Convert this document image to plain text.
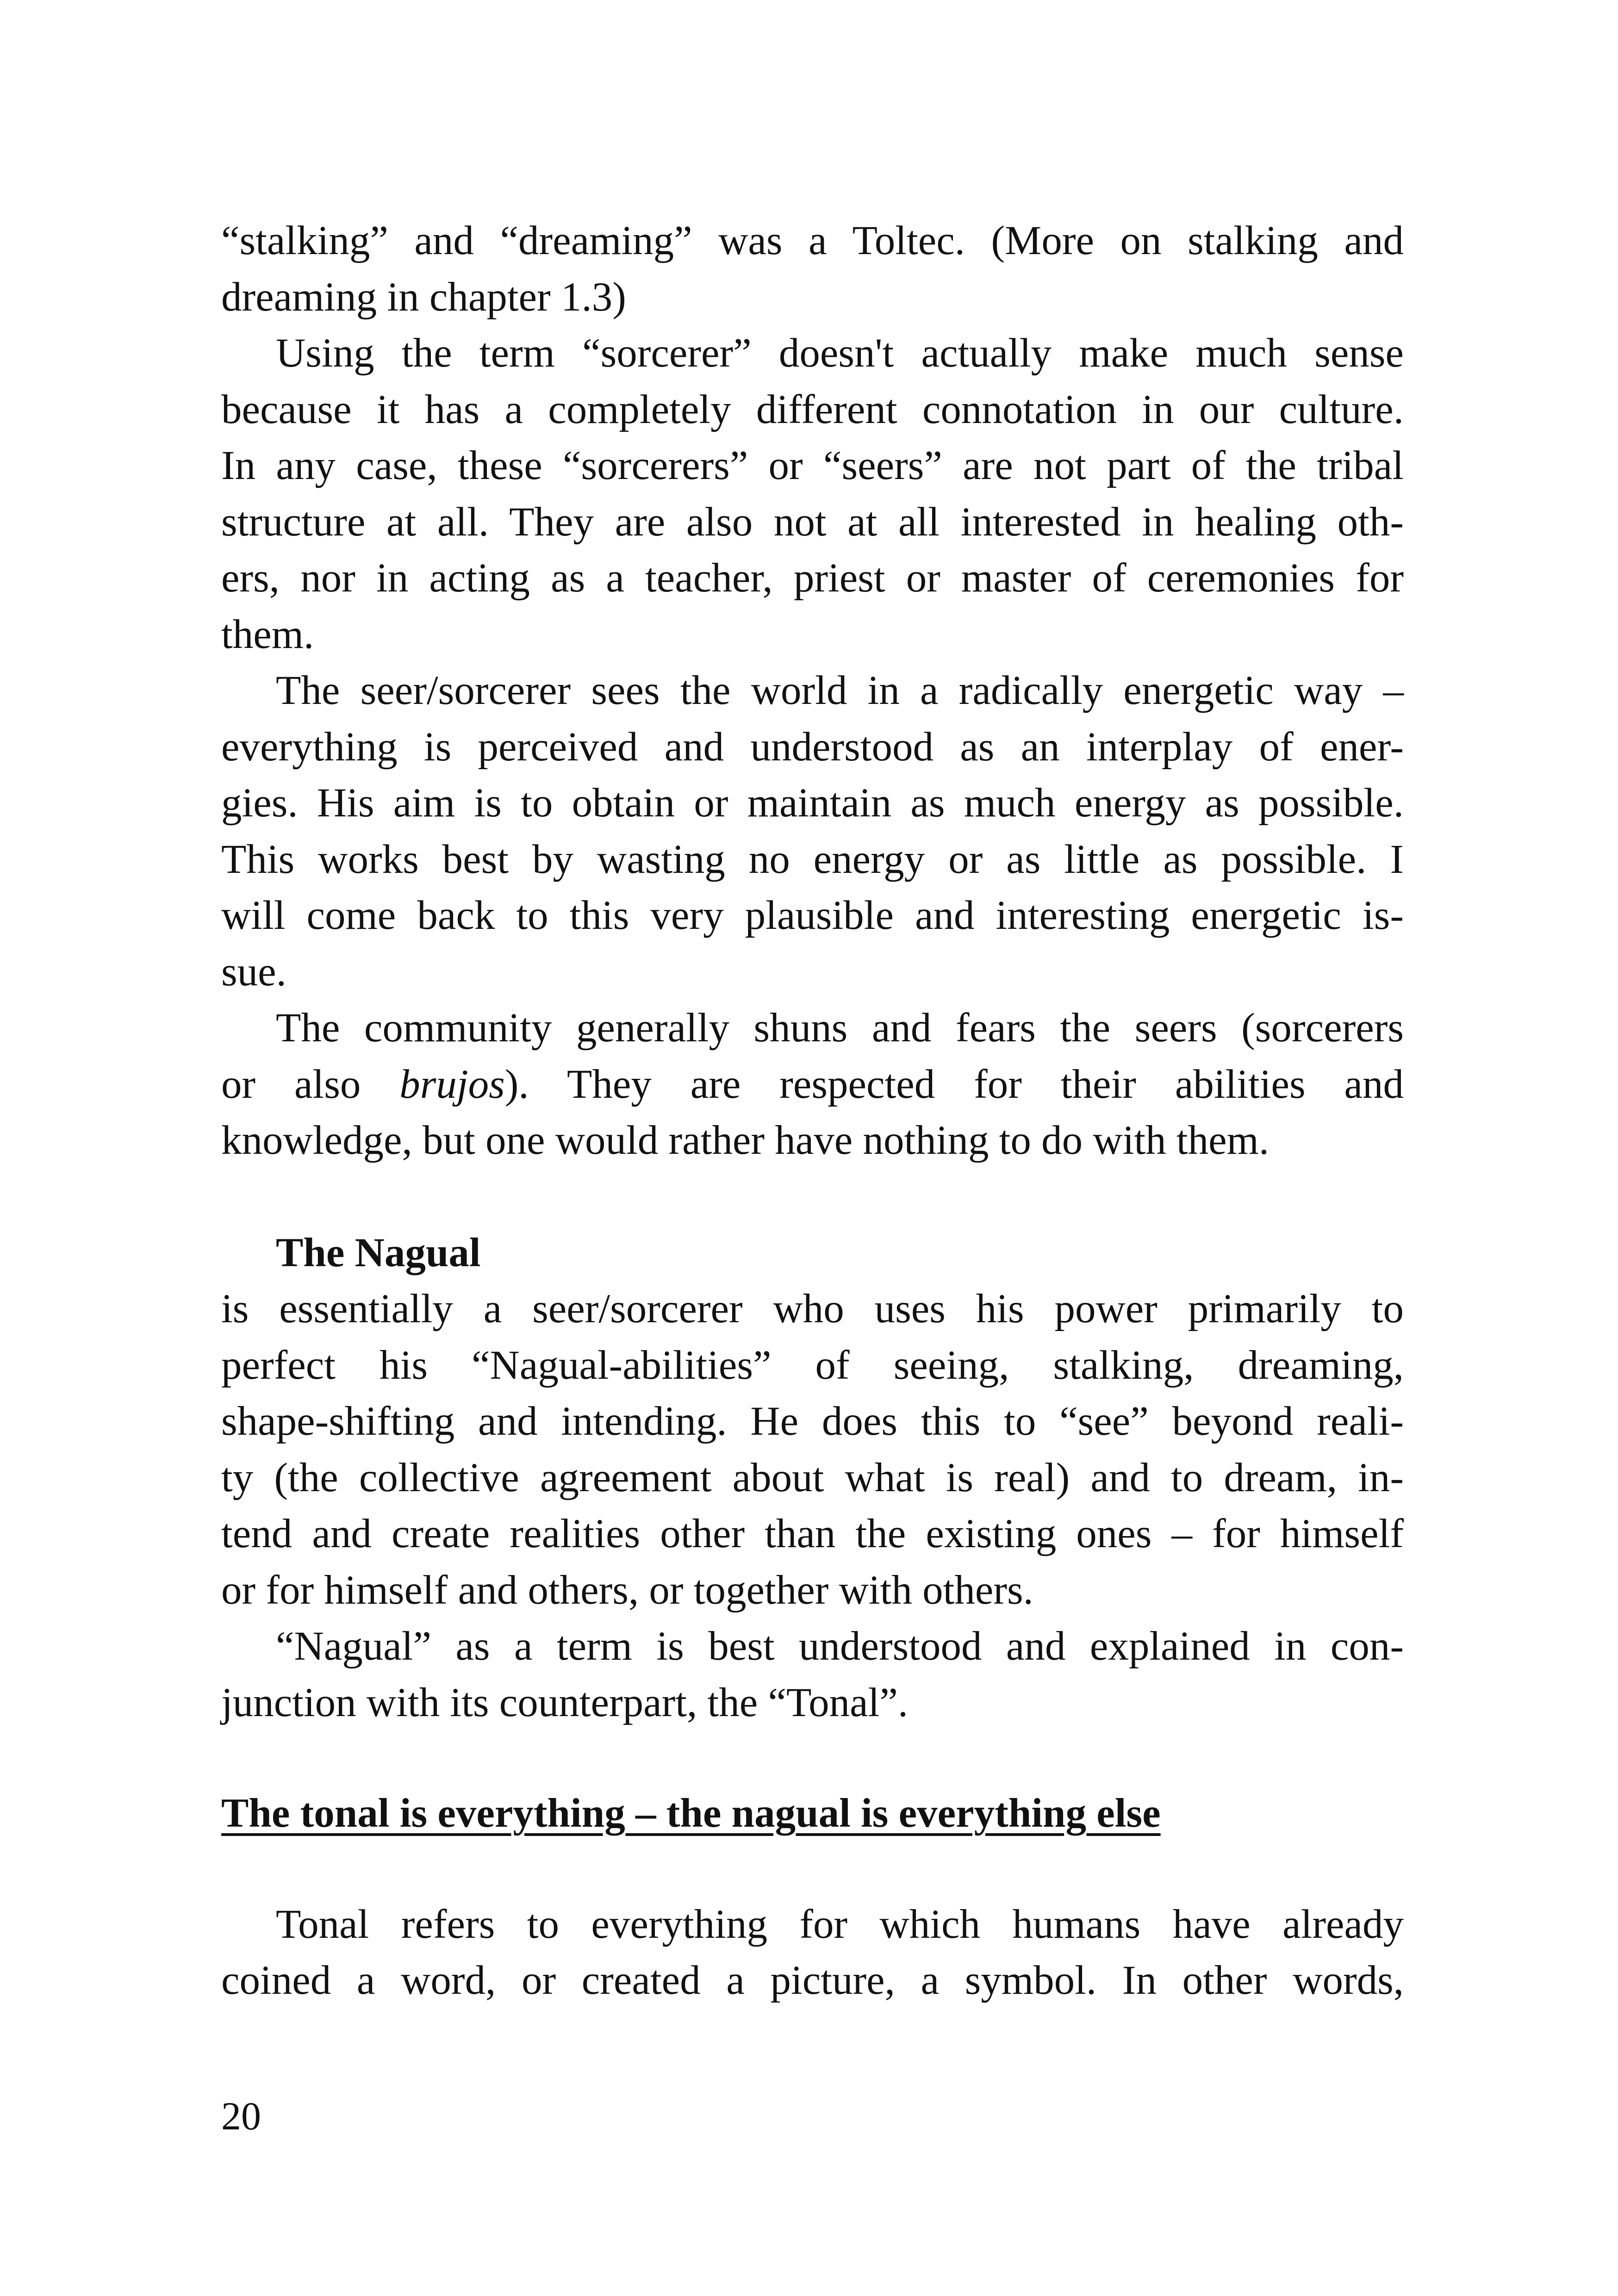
“stalking” and “dreaming” was a Toltec. (More on stalking and
dreaming in chapter 1.3)
Using the term “sorcerer” doesn't actually make much sense
because it has a completely different connotation in our culture.
In any case, these “sorcerers” or “seers” are not part of the tribal
structure at all. They are also not at all interested in healing oth-
ers, nor in acting as a teacher, priest or master of ceremonies for
them.
The seer/sorcerer sees the world in a radically energetic way –
everything is perceived and understood as an interplay of ener-
gies. His aim is to obtain or maintain as much energy as possible.
This works best by wasting no energy or as little as possible. I
will come back to this very plausible and interesting energetic is-
sue.
The community generally shuns and fears the seers (sorcerers
or also brujos). They are respected for their abilities and
knowledge, but one would rather have nothing to do with them.
The Nagual
is essentially a seer/sorcerer who uses his power primarily to
perfect his “Nagual-abilities” of seeing, stalking, dreaming,
shape-shifting and intending. He does this to “see” beyond reali-
ty (the collective agreement about what is real) and to dream, in-
tend and create realities other than the existing ones – for himself
or for himself and others, or together with others.
“Nagual” as a term is best understood and explained in con-
junction with its counterpart, the “Tonal”.
The tonal is everything – the nagual is everything else
Tonal refers to everything for which humans have already
coined a word, or created a picture, a symbol. In other words,
20
